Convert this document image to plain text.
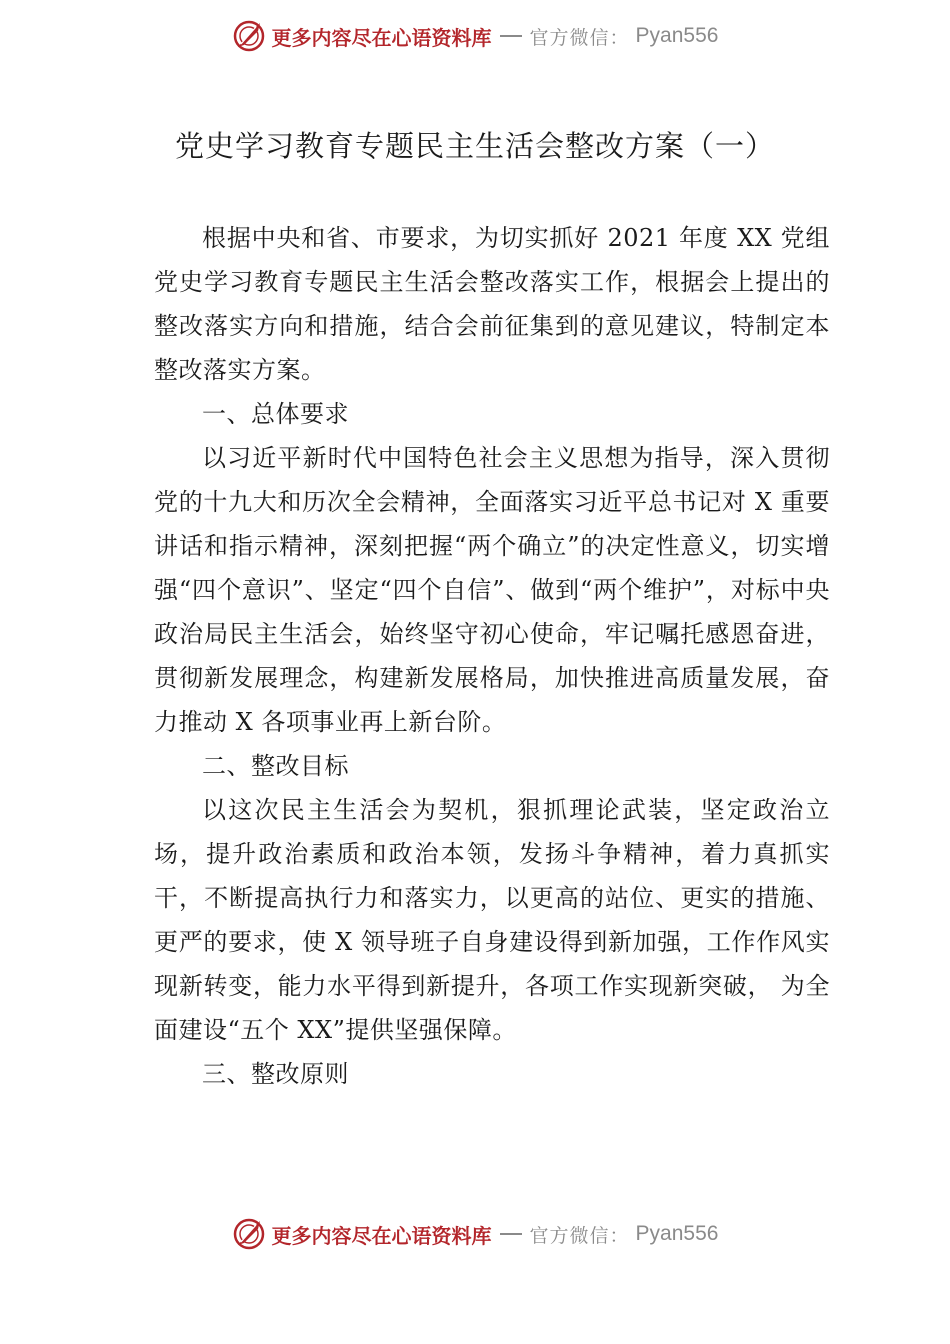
更多内容尽在心语资料库 官方微信： Pyan556
党史学习教育专题民主生活会整改方案（一）

根据中央和省、市要求，为切实抓好 2021 年度 XX 党组党史学习教育专题民主生活会整改落实工作，根据会上提出的整改落实方向和措施，结合会前征集到的意见建议，特制定本整改落实方案。

一、总体要求

以习近平新时代中国特色社会主义思想为指导，深入贯彻党的十九大和历次全会精神，全面落实习近平总书记对 X 重要讲话和指示精神，深刻把握“两个确立”的决定性意义，切实增强“四个意识”、坚定“四个自信”、做到“两个维护”，对标中央政治局民主生活会，始终坚守初心使命，牢记嘱托感恩奋进，贯彻新发展理念，构建新发展格局，加快推进高质量发展，奋力推动 X 各项事业再上新台阶。

二、整改目标

以这次民主生活会为契机，狠抓理论武装，坚定政治立场，提升政治素质和政治本领，发扬斗争精神，着力真抓实干，不断提高执行力和落实力，以更高的站位、更实的措施、更严的要求，使 X 领导班子自身建设得到新加强，工作作风实现新转变，能力水平得到新提升，各项工作实现新突破， 为全面建设“五个 XX”提供坚强保障。

三、整改原则

更多内容尽在心语资料库 官方微信： Pyan556
